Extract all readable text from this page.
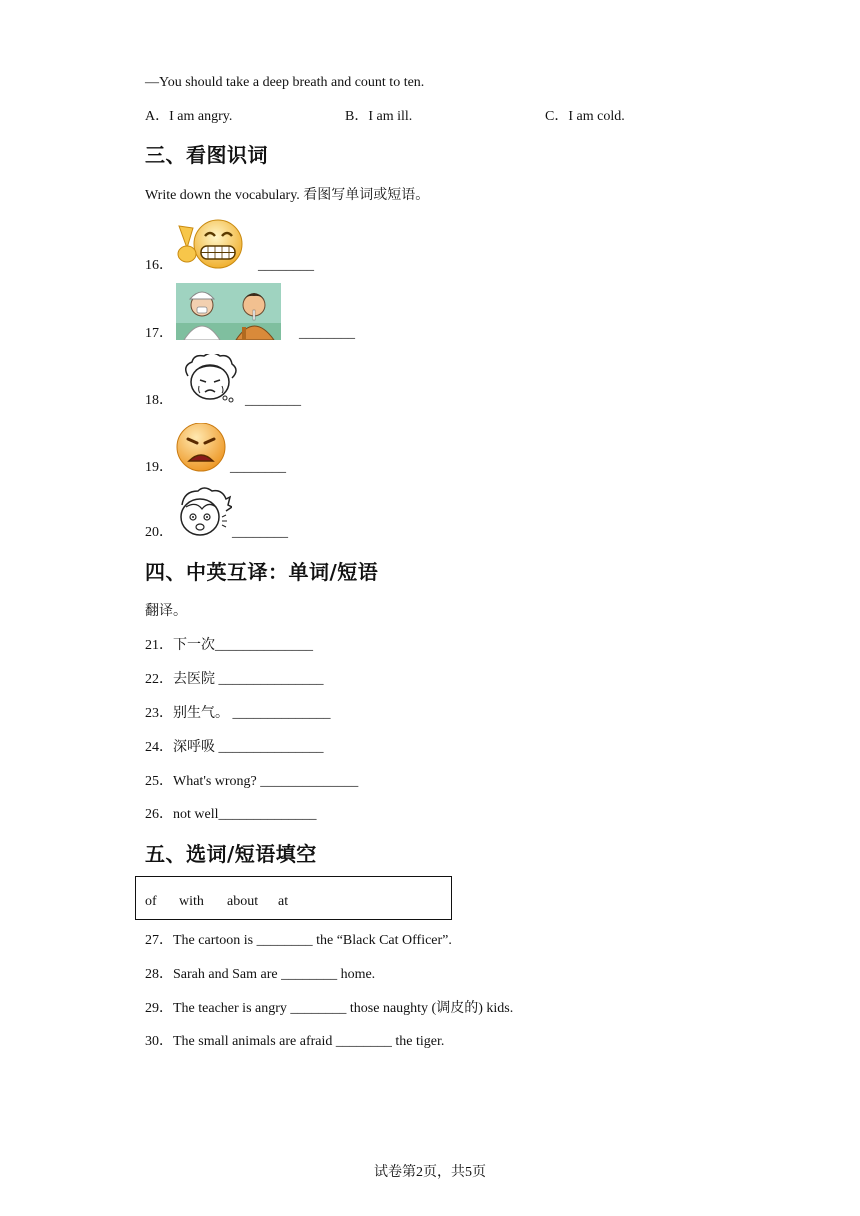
—You should take a deep breath and count to ten.
A．I am angry.	B．I am ill.	C．I am cold.
三、看图识词
Write down the vocabulary. 看图写单词或短语。
16．	________
17．	________
18．	________
19．	________
20．	________
四、中英互译：单词/短语
翻译。
21．下一次______________
22．去医院 _______________
23．别生气。 ______________
24．深呼吸 _______________
25．What's wrong? ______________
26．not well______________
五、选词/短语填空
of with about at
27．The cartoon is ________ the “Black Cat Officer”.
28．Sarah and Sam are ________ home.
29．The teacher is angry ________ those naughty (调皮的) kids.
30．The small animals are afraid ________ the tiger.
试卷第2页，共5页
